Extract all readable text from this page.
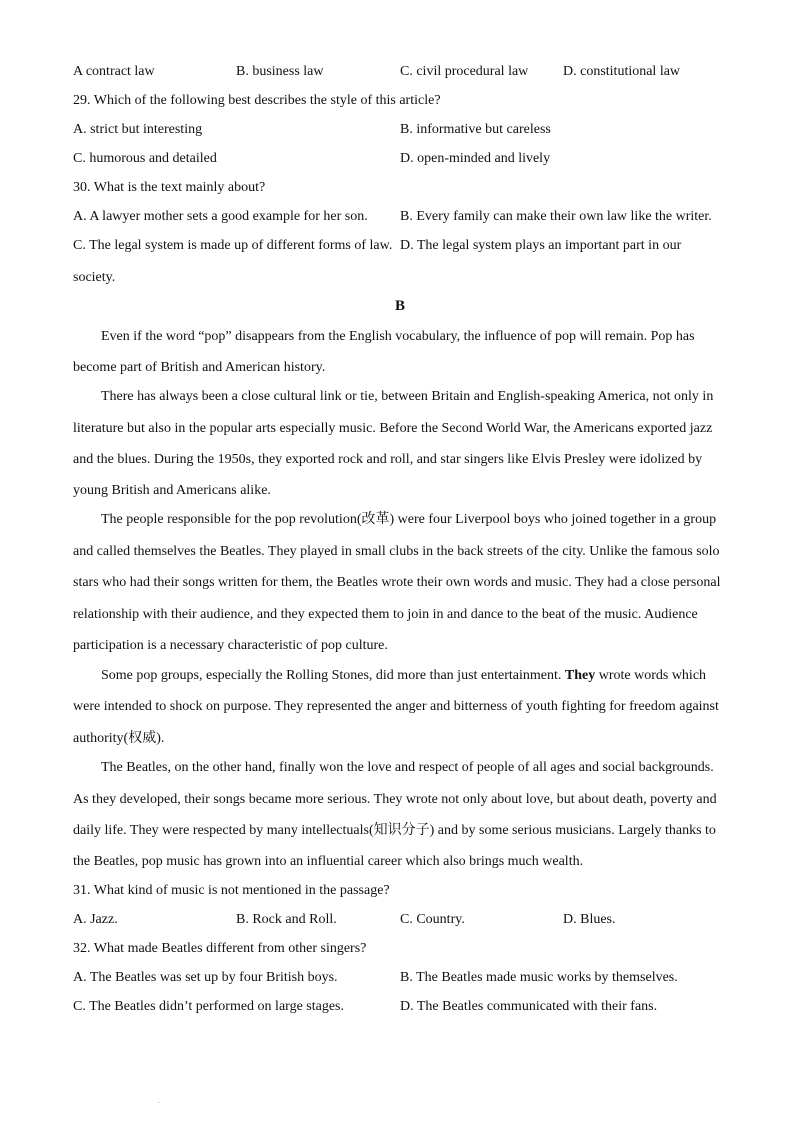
A contract law	B. business law	C. civil procedural law D. constitutional law
29. Which of the following best describes the style of this article?
A. strict but interesting	B. informative but careless
C. humorous and detailed	D. open-minded and lively
30. What is the text mainly about?
A. A lawyer mother sets a good example for her son. B. Every family can make their own law like the writer.
C. The legal system is made up of different forms of law. D. The legal system plays an important part in our
society.
B
Even if the word “pop” disappears from the English vocabulary, the influence of pop will remain. Pop has
become part of British and American history.
There has always been a close cultural link or tie, between Britain and English-speaking America, not only in
literature but also in the popular arts especially music. Before the Second World War, the Americans exported jazz
and the blues. During the 1950s, they exported rock and roll, and star singers like Elvis Presley were idolized by
young British and Americans alike.
The people responsible for the pop revolution(改革) were four Liverpool boys who joined together in a group
and called themselves the Beatles. They played in small clubs in the back streets of the city. Unlike the famous solo
stars who had their songs written for them, the Beatles wrote their own words and music. They had a close personal
relationship with their audience, and they expected them to join in and dance to the beat of the music. Audience
participation is a necessary characteristic of pop culture.
Some pop groups, especially the Rolling Stones, did more than just entertainment. They wrote words which
were intended to shock on purpose. They represented the anger and bitterness of youth fighting for freedom against
authority(权威).
The Beatles, on the other hand, finally won the love and respect of people of all ages and social backgrounds.
As they developed, their songs became more serious. They wrote not only about love, but about death, poverty and
daily life. They were respected by many intellectuals(知识分子) and by some serious musicians. Largely thanks to
the Beatles, pop music has grown into an influential career which also brings much wealth.
31. What kind of music is not mentioned in the passage?
A. Jazz.	B. Rock and Roll.	C. Country.	D. Blues.
32. What made Beatles different from other singers?
A. The Beatles was set up by four British boys.	B. The Beatles made music works by themselves.
C. The Beatles didn’t performed on large stages.	D. The Beatles communicated with their fans.
.
